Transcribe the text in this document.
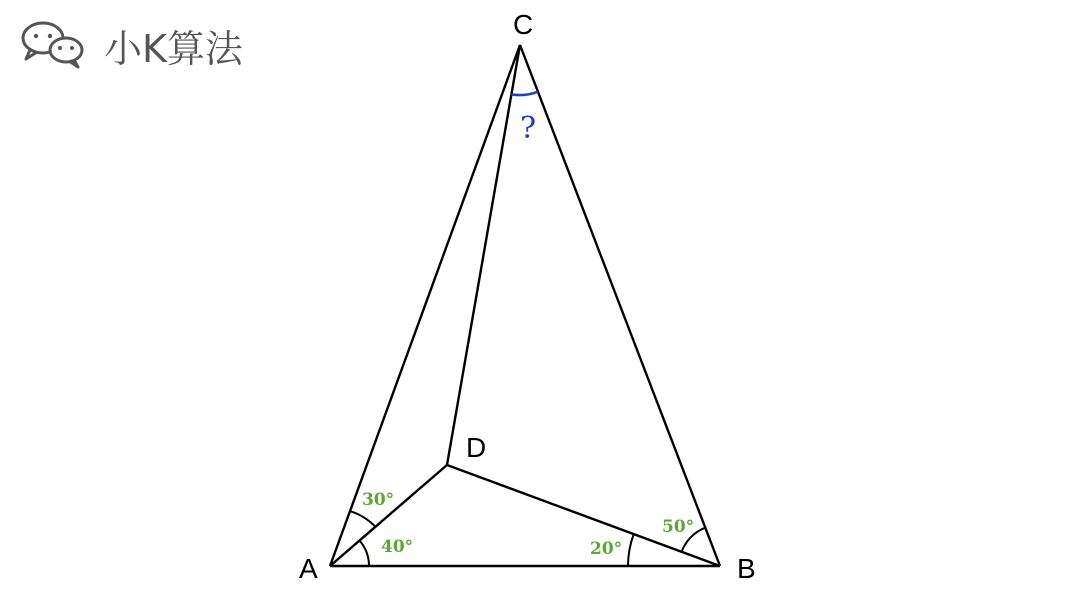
小K算法
30°
40°	20°
50°
?
C
D
A	B
